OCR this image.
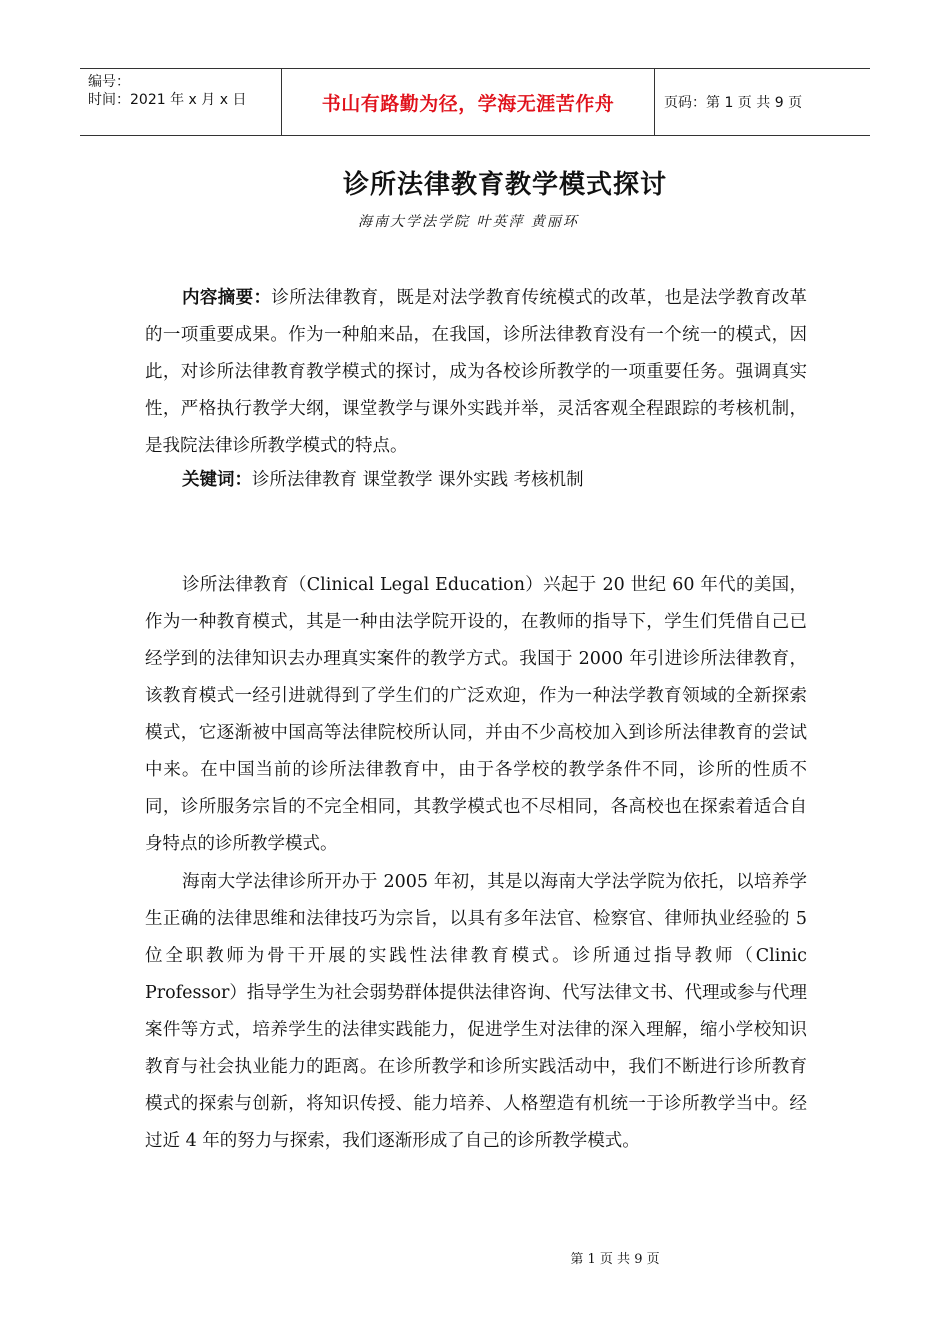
编号：
时间：2021 年 x 月 x 日	书山有路勤为径，学海无涯苦作舟	页码：第 1 页 共 9 页
诊所法律教育教学模式探讨
海南大学法学院 叶英萍 黄丽环

内容摘要：诊所法律教育，既是对法学教育传统模式的改革，也是法学教育改革的一项重要成果。作为一种舶来品，在我国，诊所法律教育没有一个统一的模式，因此，对诊所法律教育教学模式的探讨，成为各校诊所教学的一项重要任务。强调真实性，严格执行教学大纲，课堂教学与课外实践并举，灵活客观全程跟踪的考核机制，是我院法律诊所教学模式的特点。

关键词：诊所法律教育 课堂教学 课外实践 考核机制

诊所法律教育（Clinical Legal Education）兴起于 20 世纪 60 年代的美国，作为一种教育模式，其是一种由法学院开设的，在教师的指导下，学生们凭借自己已经学到的法律知识去办理真实案件的教学方式。我国于 2000 年引进诊所法律教育，该教育模式一经引进就得到了学生们的广泛欢迎，作为一种法学教育领域的全新探索模式，它逐渐被中国高等法律院校所认同，并由不少高校加入到诊所法律教育的尝试中来。在中国当前的诊所法律教育中，由于各学校的教学条件不同，诊所的性质不同，诊所服务宗旨的不完全相同，其教学模式也不尽相同，各高校也在探索着适合自身特点的诊所教学模式。

海南大学法律诊所开办于 2005 年初，其是以海南大学法学院为依托，以培养学生正确的法律思维和法律技巧为宗旨，以具有多年法官、检察官、律师执业经验的 5 位全职教师为骨干开展的实践性法律教育模式。诊所通过指导教师（Clinic Professor）指导学生为社会弱势群体提供法律咨询、代写法律文书、代理或参与代理案件等方式，培养学生的法律实践能力，促进学生对法律的深入理解，缩小学校知识教育与社会执业能力的距离。在诊所教学和诊所实践活动中，我们不断进行诊所教育模式的探索与创新，将知识传授、能力培养、人格塑造有机统一于诊所教学当中。经过近 4 年的努力与探索，我们逐渐形成了自己的诊所教学模式。

第 1 页 共 9 页
